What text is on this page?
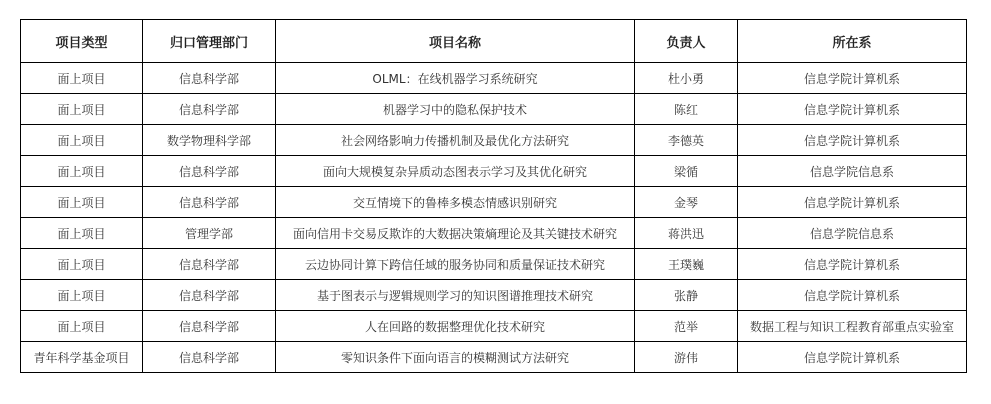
项目类型	归口管理部门	项目名称	负责人	所在系
面上项目	信息科学部	OLML：在线机器学习系统研究	杜小勇	信息学院计算机系
面上项目	信息科学部	机器学习中的隐私保护技术	陈红	信息学院计算机系
面上项目	数学物理科学部	社会网络影响力传播机制及最优化方法研究	李德英	信息学院计算机系
面上项目	信息科学部	面向大规模复杂异质动态图表示学习及其优化研究	梁循	信息学院信息系
面上项目	信息科学部	交互情境下的鲁棒多模态情感识别研究	金琴	信息学院计算机系
面上项目	管理学部	面向信用卡交易反欺诈的大数据决策熵理论及其关键技术研究	蒋洪迅	信息学院信息系
面上项目	信息科学部	云边协同计算下跨信任域的服务协同和质量保证技术研究	王璞巍	信息学院计算机系
面上项目	信息科学部	基于图表示与逻辑规则学习的知识图谱推理技术研究	张静	信息学院计算机系
面上项目	信息科学部	人在回路的数据整理优化技术研究	范举	数据工程与知识工程教育部重点实验室
青年科学基金项目	信息科学部	零知识条件下面向语言的模糊测试方法研究	游伟	信息学院计算机系
